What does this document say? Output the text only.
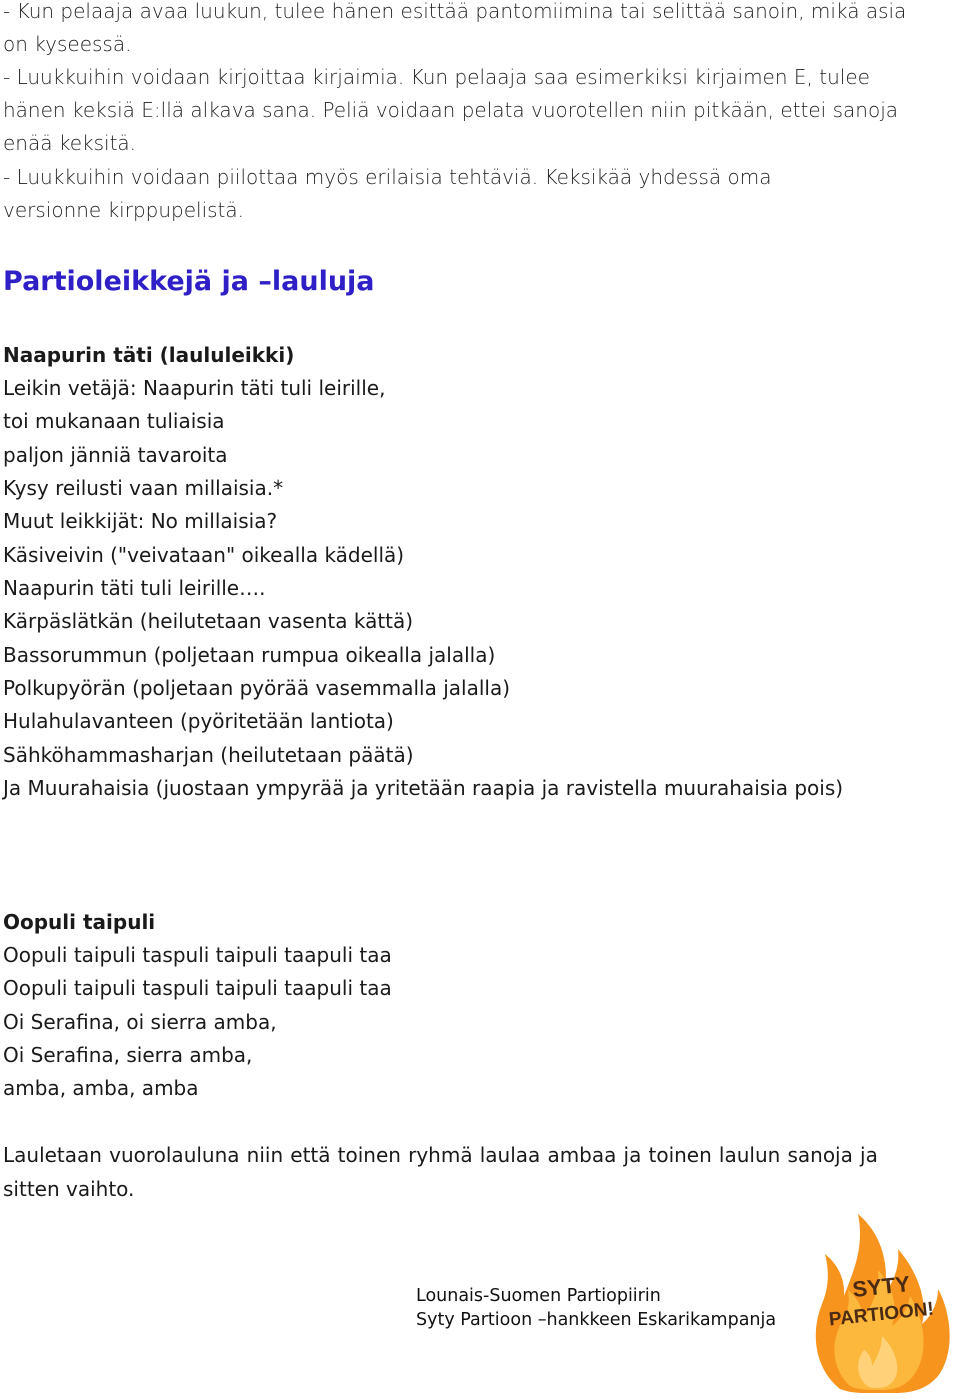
- Kun pelaaja avaa luukun, tulee hänen esittää pantomiimina tai selittää sanoin, mikä asia
on kyseessä.
- Luukkuihin voidaan kirjoittaa kirjaimia. Kun pelaaja saa esimerkiksi kirjaimen E, tulee
hänen keksiä E:llä alkava sana. Peliä voidaan pelata vuorotellen niin pitkään, ettei sanoja
enää keksitä.
- Luukkuihin voidaan piilottaa myös erilaisia tehtäviä. Keksikää yhdessä oma
versionne kirppupelistä.
Partioleikkejä ja –lauluja
Naapurin täti (laululeikki)
Leikin vetäjä: Naapurin täti tuli leirille,
toi mukanaan tuliaisia
paljon jänniä tavaroita
Kysy reilusti vaan millaisia.*
Muut leikkijät: No millaisia?
Käsiveivin ("veivataan" oikealla kädellä)
Naapurin täti tuli leirille….
Kärpäslätkän (heilutetaan vasenta kättä)
Bassorummun (poljetaan rumpua oikealla jalalla)
Polkupyörän (poljetaan pyörää vasemmalla jalalla)
Hulahulavanteen (pyöritetään lantiota)
Sähköhammasharjan (heilutetaan päätä)
Ja Muurahaisia (juostaan ympyrää ja yritetään raapia ja ravistella muurahaisia pois)
Oopuli taipuli
Oopuli taipuli taspuli taipuli taapuli taa
Oopuli taipuli taspuli taipuli taapuli taa
Oi Serafina, oi sierra amba,
Oi Serafina, sierra amba,
amba, amba, amba
Lauletaan vuorolauluna niin että toinen ryhmä laulaa ambaa ja toinen laulun sanoja ja
sitten vaihto.
Lounais-Suomen Partiopiirin
Syty Partioon –hankkeen Eskarikampanja
SYTY
PARTIOON!
